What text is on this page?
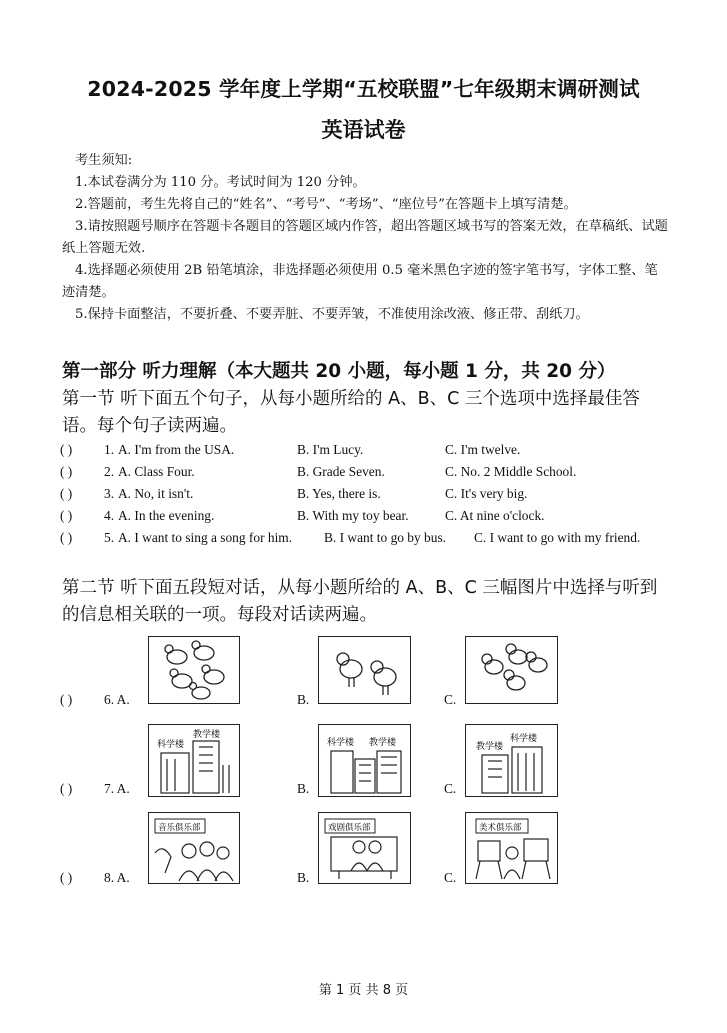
2024-2025 学年度上学期“五校联盟”七年级期末调研测试
英语试卷
考生须知:
1.本试卷满分为 110 分。考试时间为 120 分钟。
2.答题前，考生先将自己的“姓名”、“考号”、“考场”、“座位号”在答题卡上填写清楚。
3.请按照题号顺序在答题卡各题目的答题区域内作答，超出答题区域书写的答案无效，在草稿纸、试题纸上答题无效.
4.选择题必须使用 2B 铅笔填涂，非选择题必须使用 0.5 毫米黑色字迹的签字笔书写，字体工整、笔迹清楚。
5.保持卡面整洁，不要折叠、不要弄脏、不要弄皱，不准使用涂改液、修正带、刮纸刀。
第一部分 听力理解（本大题共 20 小题，每小题 1 分，共 20 分）
第一节 听下面五个句子，从每小题所给的 A、B、C 三个选项中选择最佳答语。每个句子读两遍。
( ) 1. A. I'm from the USA.	B. I'm Lucy.	C. I'm twelve.
( ) 2. A. Class Four.	B. Grade Seven.	C. No. 2 Middle School.
( ) 3. A. No, it isn't.	B. Yes, there is.	C. It's very big.
( ) 4. A. In the evening.	B. With my toy bear.	C. At nine o'clock.
( ) 5. A. I want to sing a song for him. B. I want to go by bus. C. I want to go with my friend.
第二节 听下面五段短对话，从每小题所给的 A、B、C 三幅图片中选择与听到的信息相关联的一项。每段对话读两遍。
( ) 6. A.	B.	C.
( ) 7. A.
科学楼
教学楼
B.
科学楼 教学楼
C.
教学楼
科学楼
( ) 8. A.
音乐俱乐部
B.
戏剧俱乐部
C.
美术俱乐部
第 1 页 共 8 页
